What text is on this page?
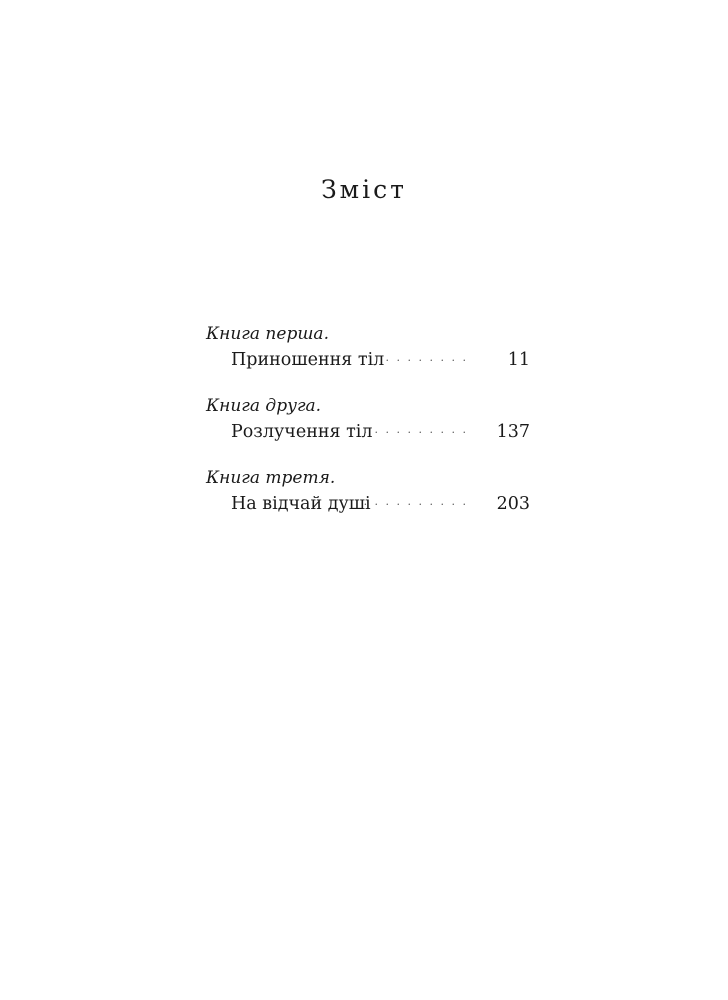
Зміст
Книга перша.
Приношення тіл . . . . . . . . 11
Книга друга.
Розлучення тіл
. . . . . . . . . . 137
Книга третя.
На відчай душі
. . . . . . . . . . 203
